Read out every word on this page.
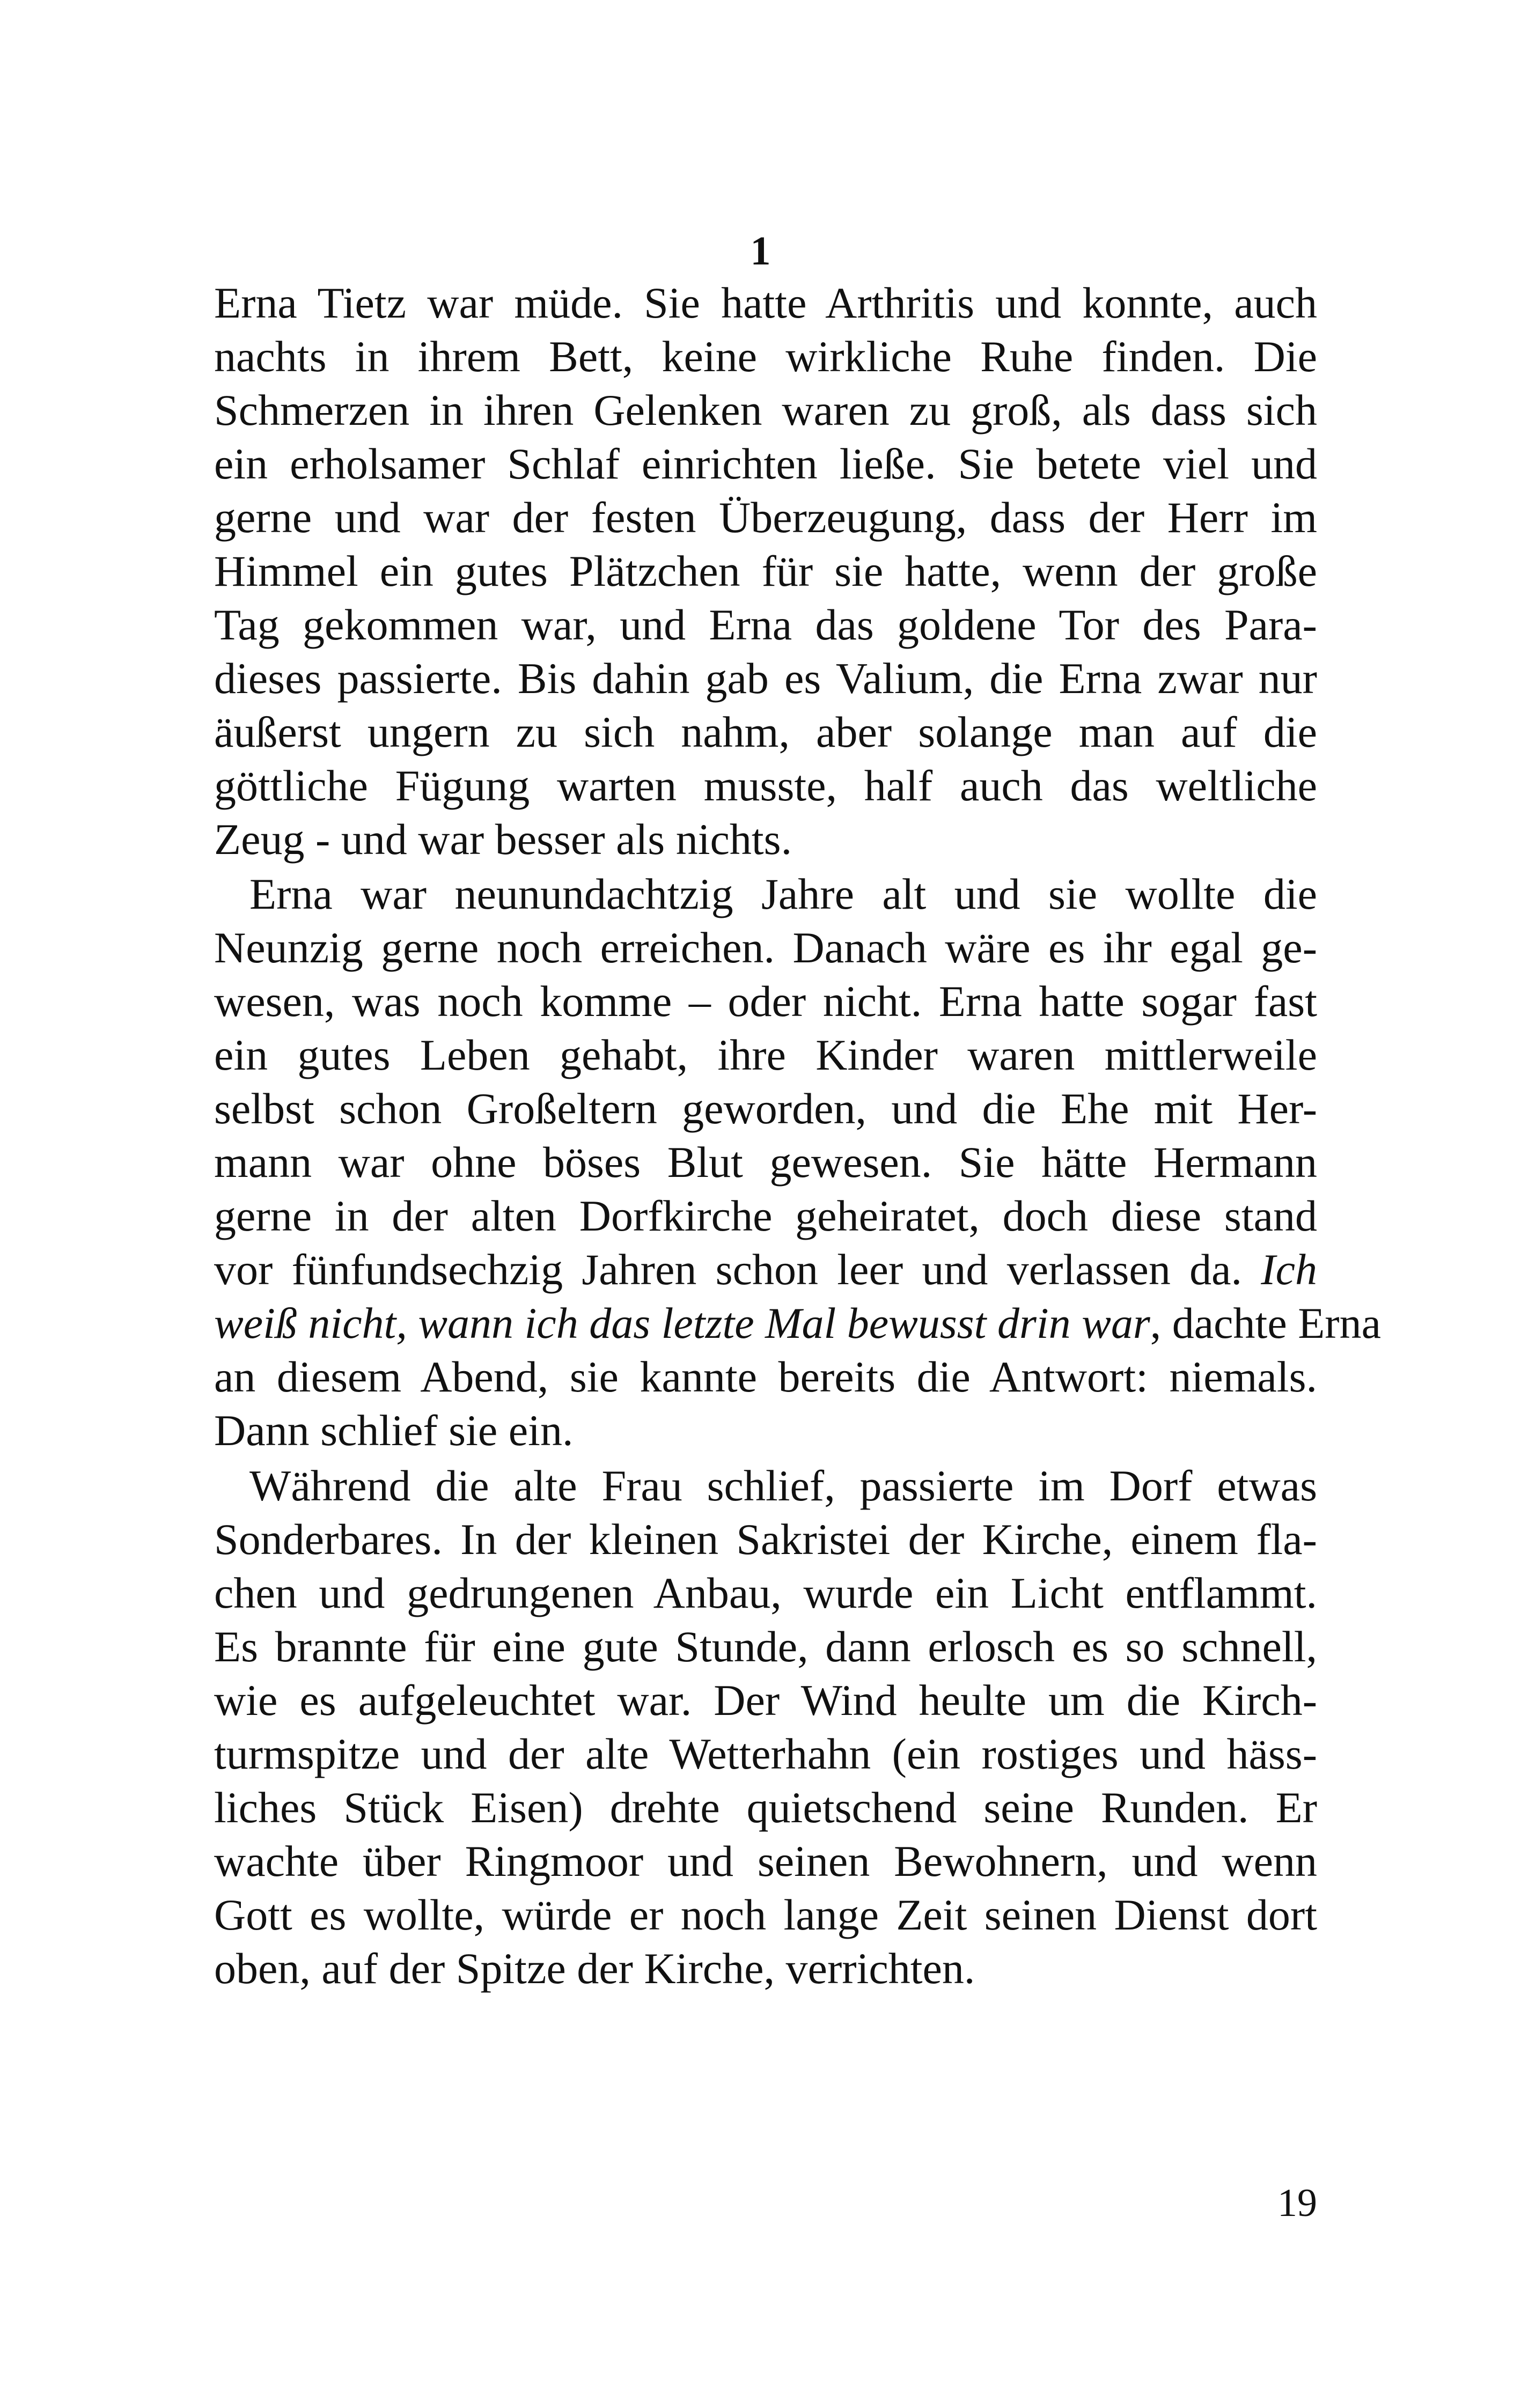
1
Erna Tietz war müde. Sie hatte Arthritis und konnte, auch
nachts in ihrem Bett, keine wirkliche Ruhe finden. Die
Schmerzen in ihren Gelenken waren zu groß, als dass sich
ein erholsamer Schlaf einrichten ließe. Sie betete viel und
gerne und war der festen Überzeugung, dass der Herr im
Himmel ein gutes Plätzchen für sie hatte, wenn der große
Tag gekommen war, und Erna das goldene Tor des Para-
dieses passierte. Bis dahin gab es Valium, die Erna zwar nur
äußerst ungern zu sich nahm, aber solange man auf die
göttliche Fügung warten musste, half auch das weltliche
Zeug - und war besser als nichts.
Erna war neunundachtzig Jahre alt und sie wollte die
Neunzig gerne noch erreichen. Danach wäre es ihr egal ge-
wesen, was noch komme – oder nicht. Erna hatte sogar fast
ein gutes Leben gehabt, ihre Kinder waren mittlerweile
selbst schon Großeltern geworden, und die Ehe mit Her-
mann war ohne böses Blut gewesen. Sie hätte Hermann
gerne in der alten Dorfkirche geheiratet, doch diese stand
vor fünfundsechzig Jahren schon leer und verlassen da. Ich
weiß nicht, wann ich das letzte Mal bewusst drin war, dachte Erna
an diesem Abend, sie kannte bereits die Antwort: niemals.
Dann schlief sie ein.
Während die alte Frau schlief, passierte im Dorf etwas
Sonderbares. In der kleinen Sakristei der Kirche, einem fla-
chen und gedrungenen Anbau, wurde ein Licht entflammt.
Es brannte für eine gute Stunde, dann erlosch es so schnell,
wie es aufgeleuchtet war. Der Wind heulte um die Kirch-
turmspitze und der alte Wetterhahn (ein rostiges und häss-
liches Stück Eisen) drehte quietschend seine Runden. Er
wachte über Ringmoor und seinen Bewohnern, und wenn
Gott es wollte, würde er noch lange Zeit seinen Dienst dort
oben, auf der Spitze der Kirche, verrichten.
19
